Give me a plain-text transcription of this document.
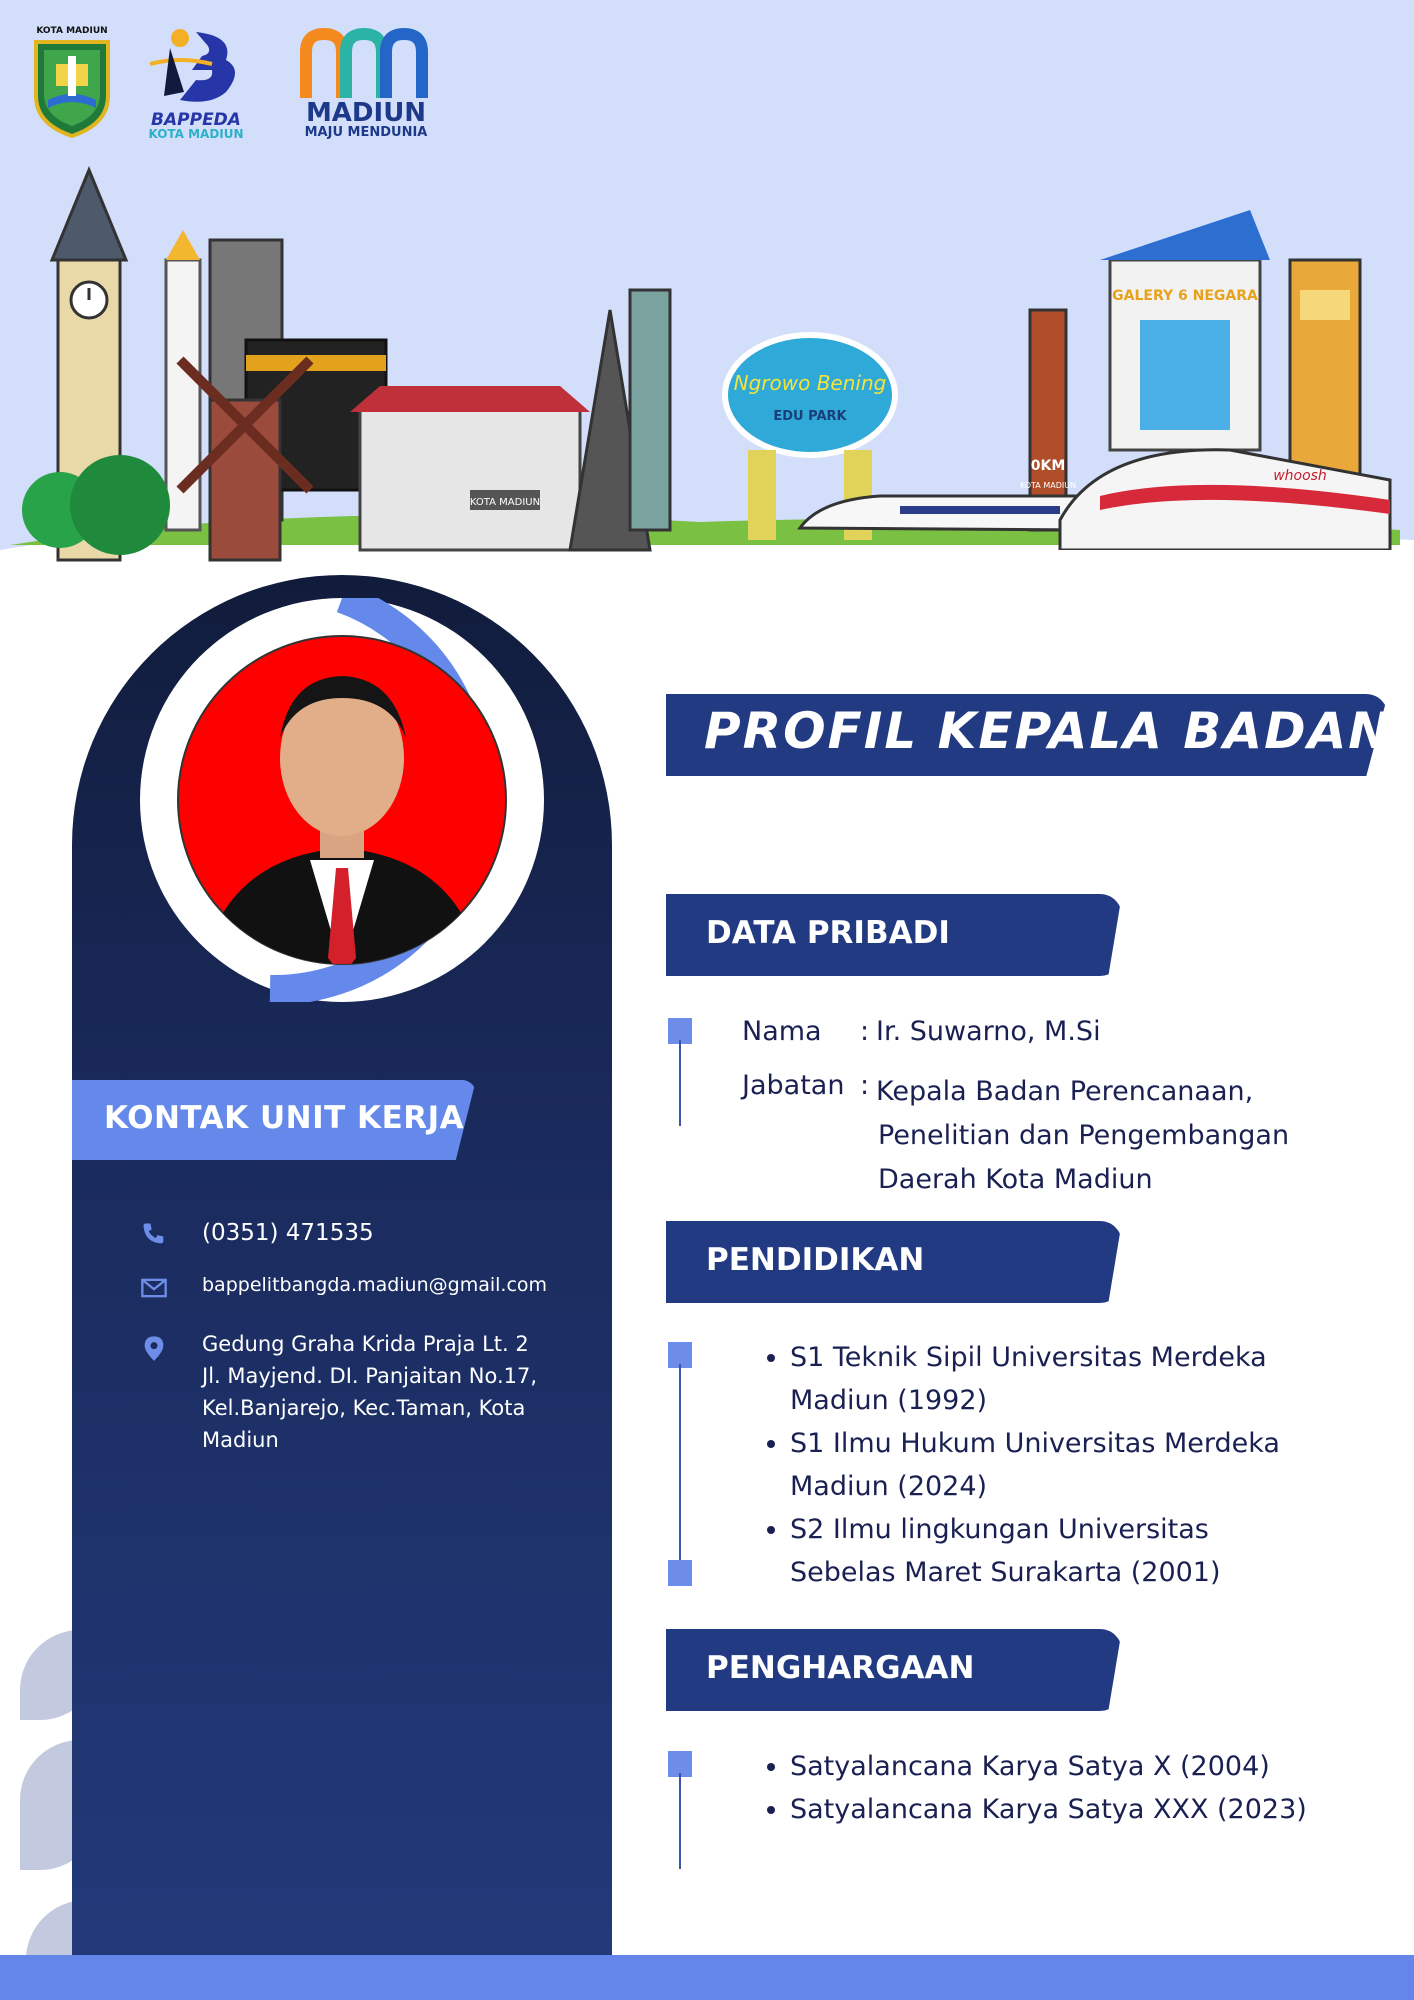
KOTA MADIUN
BAPPEDA
KOTA MADIUN
MADIUN
MAJU MENDUNIA
KOTA MADIUN
Ngrowo Bening
EDU PARK
0KM
KOTA MADIUN
GALERY 6 NEGARA
whoosh
KONTAK UNIT KERJA
(0351) 471535
bappelitbangda.madiun@gmail.com
Gedung Graha Krida Praja Lt. 2
Jl. Mayjend. DI. Panjaitan No.17,
Kel.Banjarejo, Kec.Taman, Kota
Madiun
PROFIL KEPALA BADAN
DATA PRIBADI
Nama : Ir. Suwarno, M.Si
Jabatan : Kepala Badan Perencanaan,
Penelitian dan Pengembangan
Daerah Kota Madiun
PENDIDIKAN
• S1 Teknik Sipil Universitas Merdeka
Madiun (1992)
• S1 Ilmu Hukum Universitas Merdeka
Madiun (2024)
• S2 Ilmu lingkungan Universitas
Sebelas Maret Surakarta (2001)
PENGHARGAAN
• Satyalancana Karya Satya X (2004)
• Satyalancana Karya Satya XXX (2023)
